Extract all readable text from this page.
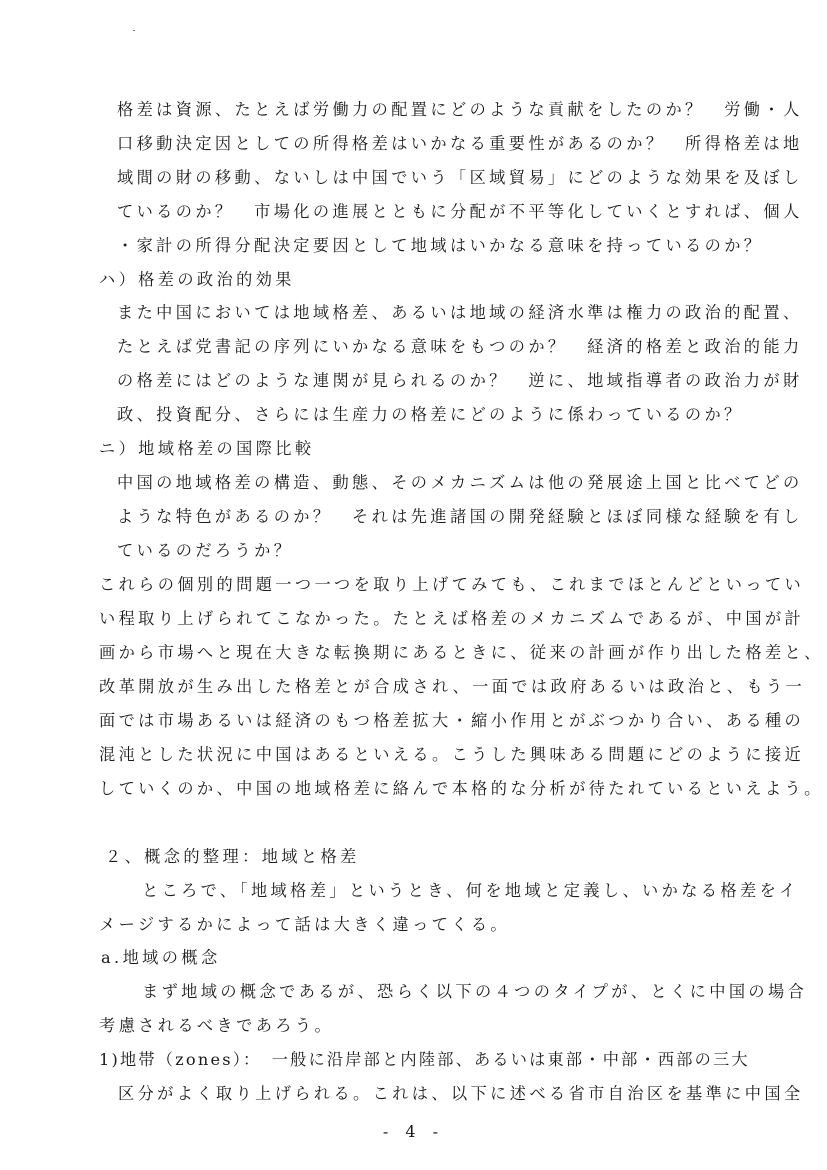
格差は資源、たとえば労働力の配置にどのような貢献をしたのか？　労働・人
口移動決定因としての所得格差はいかなる重要性があるのか？　所得格差は地
域間の財の移動、ないしは中国でいう「区域貿易」にどのような効果を及ぼし
ているのか？　市場化の進展とともに分配が不平等化していくとすれば、個人
・家計の所得分配決定要因として地域はいかなる意味を持っているのか？
ハ）格差の政治的効果
また中国においては地域格差、あるいは地域の経済水準は権力の政治的配置、
たとえば党書記の序列にいかなる意味をもつのか？　経済的格差と政治的能力
の格差にはどのような連関が見られるのか？　逆に、地域指導者の政治力が財
政、投資配分、さらには生産力の格差にどのように係わっているのか？
ニ）地域格差の国際比較
中国の地域格差の構造、動態、そのメカニズムは他の発展途上国と比べてどの
ような特色があるのか？　それは先進諸国の開発経験とほぼ同様な経験を有し
ているのだろうか？
これらの個別的問題一つ一つを取り上げてみても、これまでほとんどといってい
い程取り上げられてこなかった。たとえば格差のメカニズムであるが、中国が計
画から市場へと現在大きな転換期にあるときに、従来の計画が作り出した格差と、
改革開放が生み出した格差とが合成され、一面では政府あるいは政治と、もう一
面では市場あるいは経済のもつ格差拡大・縮小作用とがぶつかり合い、ある種の
混沌とした状況に中国はあるといえる。こうした興味ある問題にどのように接近
していくのか、中国の地域格差に絡んで本格的な分析が待たれているといえよう。
２、概念的整理：地域と格差
ところで、「地域格差」というとき、何を地域と定義し、いかなる格差をイ
メージするかによって話は大きく違ってくる。
a.地域の概念
まず地域の概念であるが、恐らく以下の４つのタイプが、とくに中国の場合
考慮されるべきであろう。
1)地帯（zones）：　一般に沿岸部と内陸部、あるいは東部・中部・西部の三大
区分がよく取り上げられる。これは、以下に述べる省市自治区を基準に中国全
- 4 -
